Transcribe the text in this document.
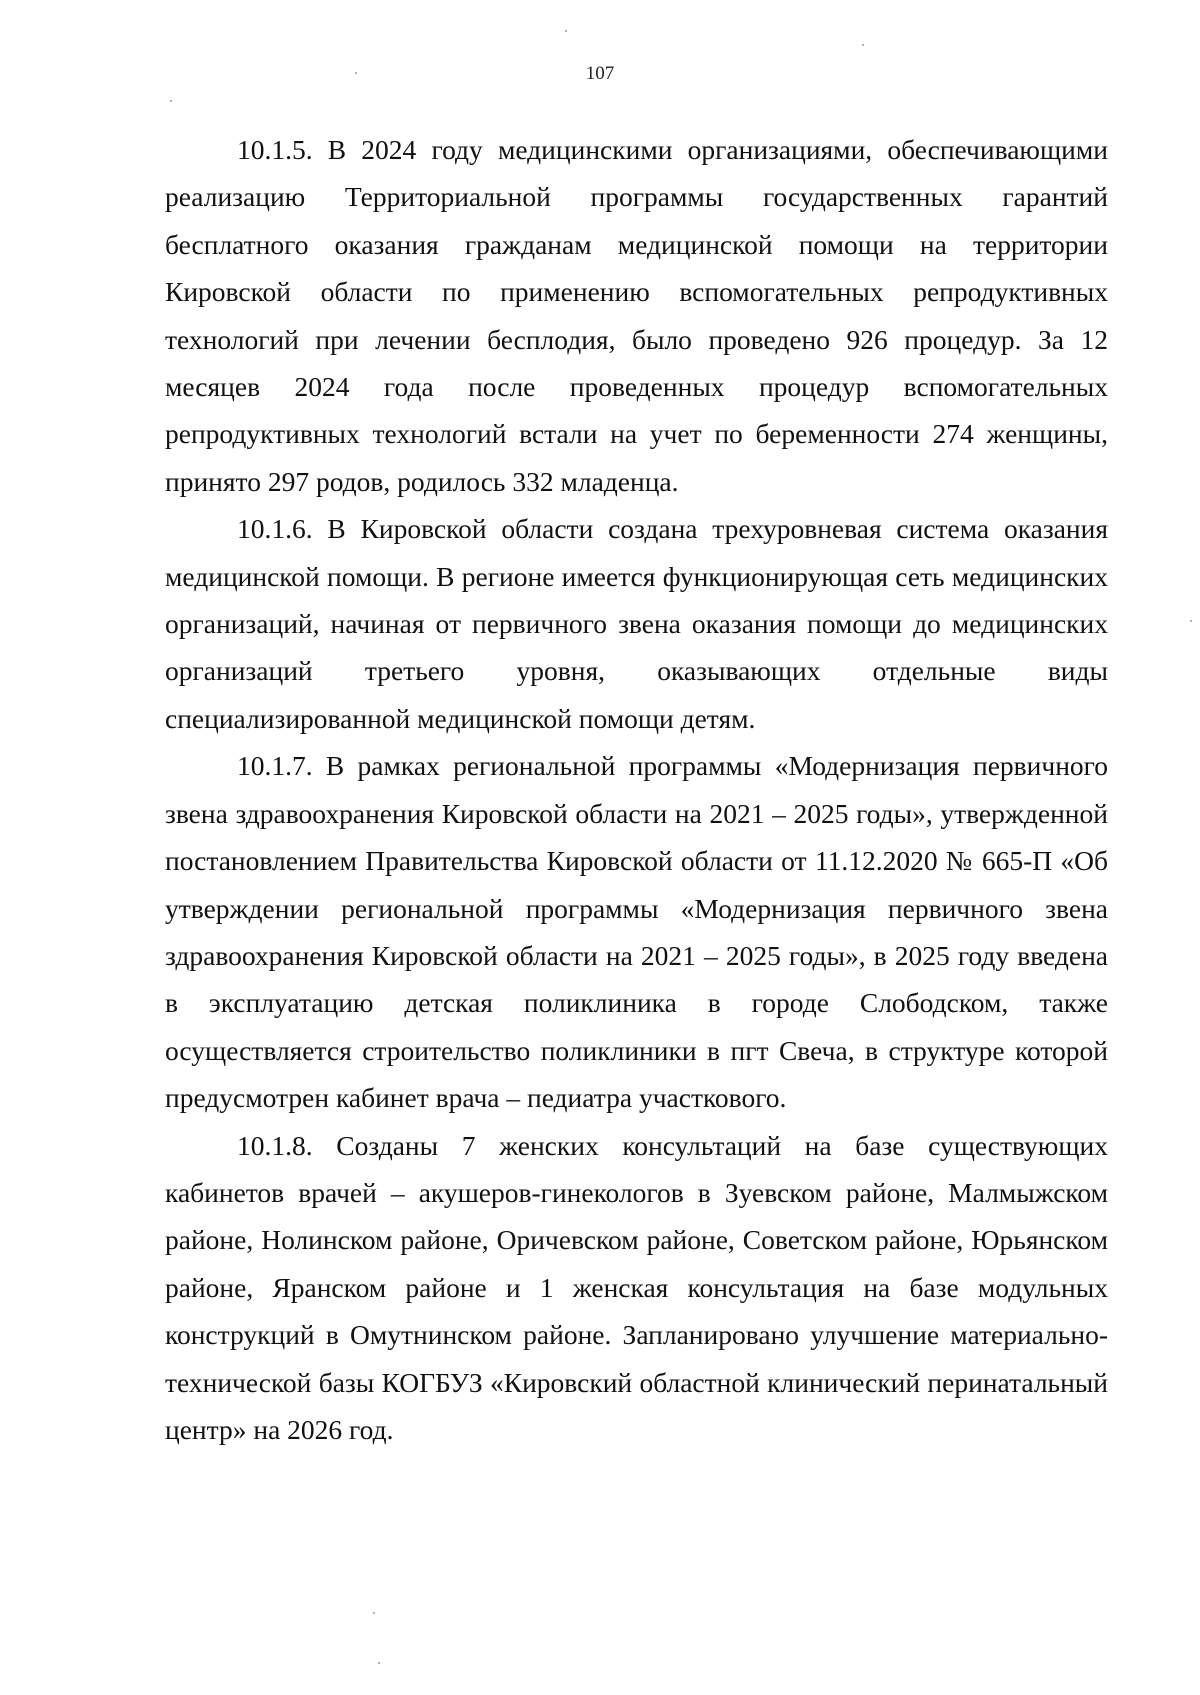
107

10.1.5. В 2024 году медицинскими организациями, обеспечивающими реализацию Территориальной программы государственных гарантий бесплатного оказания гражданам медицинской помощи на территории Кировской области по применению вспомогательных репродуктивных технологий при лечении бесплодия, было проведено 926 процедур. За 12 месяцев 2024 года после проведенных процедур вспомогательных репродуктивных технологий встали на учет по беременности 274 женщины, принято 297 родов, родилось 332 младенца.

10.1.6. В Кировской области создана трехуровневая система оказания медицинской помощи. В регионе имеется функционирующая сеть медицинских организаций, начиная от первичного звена оказания помощи до медицинских организаций третьего уровня, оказывающих отдельные виды специализированной медицинской помощи детям.

10.1.7. В рамках региональной программы «Модернизация первичного звена здравоохранения Кировской области на 2021 – 2025 годы», утвержденной постановлением Правительства Кировской области от 11.12.2020 № 665-П «Об утверждении региональной программы «Модернизация первичного звена здравоохранения Кировской области на 2021 – 2025 годы», в 2025 году введена в эксплуатацию детская поликлиника в городе Слободском, также осуществляется строительство поликлиники в пгт Свеча, в структуре которой предусмотрен кабинет врача – педиатра участкового.

10.1.8. Созданы 7 женских консультаций на базе существующих кабинетов врачей – акушеров-гинекологов в Зуевском районе, Малмыжском районе, Нолинском районе, Оричевском районе, Советском районе, Юрьянском районе, Яранском районе и 1 женская консультация на базе модульных конструкций в Омутнинском районе. Запланировано улучшение материально-технической базы КОГБУЗ «Кировский областной клинический перинатальный центр» на 2026 год.
